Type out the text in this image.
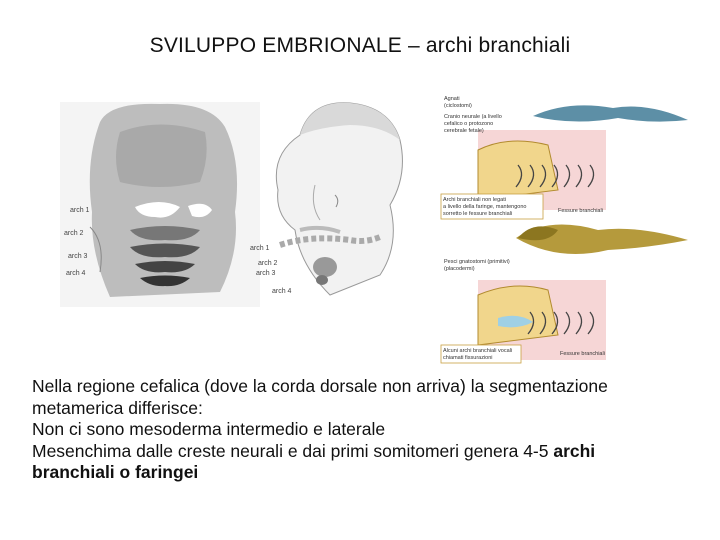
SVILUPPO EMBRIONALE – archi branchiali
arch 1
arch 2
arch 3
arch 4
arch 1
arch 2
arch 3
arch 4
Agnati
(ciclostomi)
Cranio neurale (a livello
cefalico o protozono
cerebrale fetale)
Archi branchiali non legati
a livello della faringe, mantengono
sorretto le fessure branchiali	Fessure branchiali
Pesci gnatostomi (primitivi)
(placodermi)
Alcuni archi branchiali vocali
chiamati fissurazioni
Fessure branchiali
Nella regione cefalica (dove la corda dorsale non arriva) la segmentazione
metamerica differisce:
Non ci sono mesoderma intermedio e laterale
Mesenchima dalle creste neurali e dai primi somitomeri genera 4-5 archi
branchiali o faringei
